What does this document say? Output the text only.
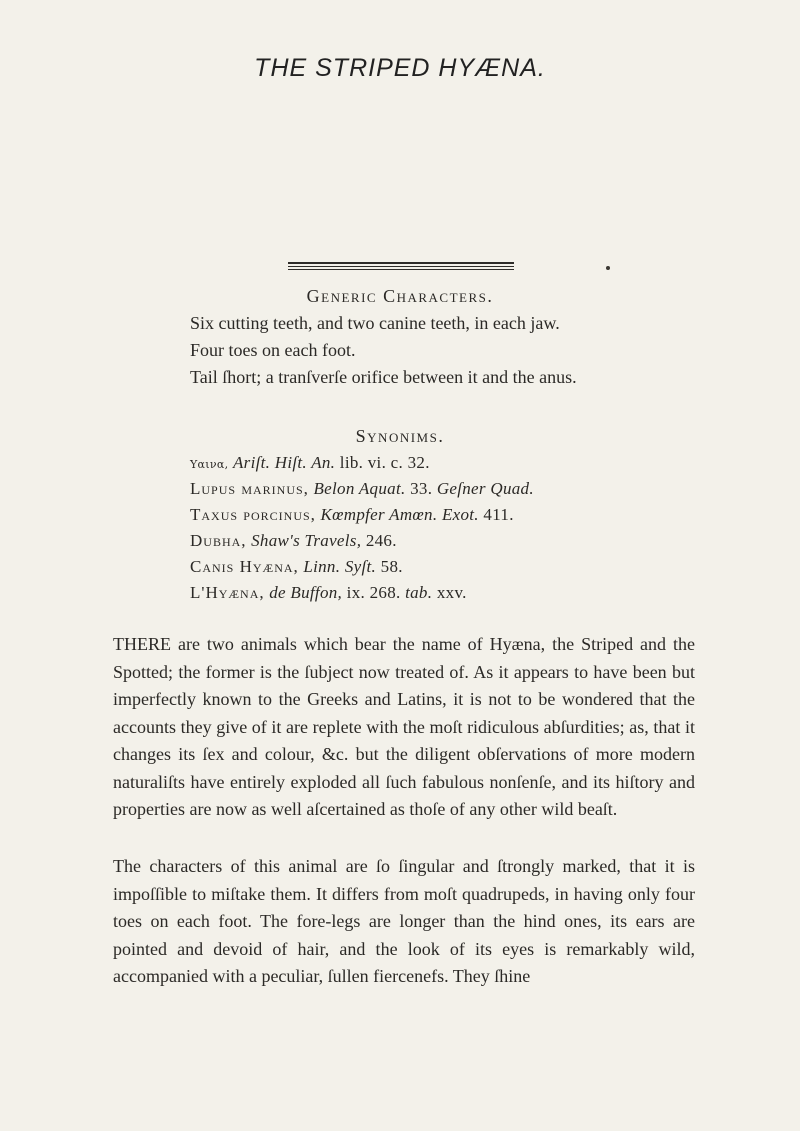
THE STRIPED HYÆNA.
Generic Characters.
Six cutting teeth, and two canine teeth, in each jaw.
Four toes on each foot.
Tail ſhort; a tranſverſe orifice between it and the anus.
Synonims.
Υαινα, Ariſt. Hiſt. An. lib. vi. c. 32.
Lupus marinus, Belon Aquat. 33. Geſner Quad.
Taxus porcinus, Kœmpfer Amœn. Exot. 411.
Dubha, Shaw's Travels, 246.
Canis Hyæna, Linn. Syſt. 58.
L'Hyæna, de Buffon, ix. 268. tab. xxv.

THERE are two animals which bear the name of Hyæna, the Striped and the Spotted; the former is the ſubject now treated of. As it appears to have been but imperfectly known to the Greeks and Latins, it is not to be wondered that the accounts they give of it are replete with the moſt ridiculous abſurdities; as, that it changes its ſex and colour, &c. but the diligent obſervations of more modern naturaliſts have entirely exploded all ſuch fabulous nonſenſe, and its hiſtory and properties are now as well aſcertained as thoſe of any other wild beaſt.

The characters of this animal are ſo ſingular and ſtrongly marked, that it is impoſſible to miſtake them. It differs from moſt quadrupeds, in having only four toes on each foot. The fore-legs are longer than the hind ones, its ears are pointed and devoid of hair, and the look of its eyes is remarkably wild, accompanied with a peculiar, ſullen fiercenefs. They ſhine
